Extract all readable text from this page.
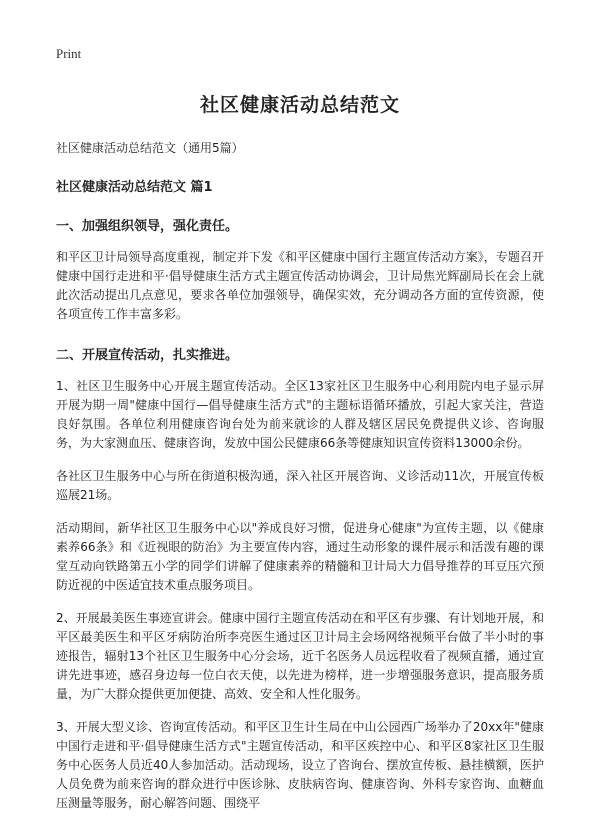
Print
社区健康活动总结范文
社区健康活动总结范文（通用5篇）
社区健康活动总结范文 篇1
一、加强组织领导，强化责任。

和平区卫计局领导高度重视，制定并下发《和平区健康中国行主题宣传活动方案》，专题召开健康中国行走进和平·倡导健康生活方式主题宣传活动协调会，卫计局焦光辉副局长在会上就此次活动提出几点意见，要求各单位加强领导，确保实效，充分调动各方面的宣传资源，使各项宣传工作丰富多彩。

二、开展宣传活动，扎实推进。

1、社区卫生服务中心开展主题宣传活动。全区13家社区卫生服务中心利用院内电子显示屏开展为期一周"健康中国行—倡导健康生活方式"的主题标语循环播放，引起大家关注，营造良好氛围。各单位利用健康咨询台处为前来就诊的人群及辖区居民免费提供义诊、咨询服务，为大家测血压、健康咨询，发放中国公民健康66条等健康知识宣传资料13000余份。

各社区卫生服务中心与所在街道积极沟通，深入社区开展咨询、义诊活动11次，开展宣传板巡展21场。

活动期间，新华社区卫生服务中心以"养成良好习惯，促进身心健康"为宣传主题，以《健康素养66条》和《近视眼的防治》为主要宣传内容，通过生动形象的课件展示和活泼有趣的课堂互动向铁路第五小学的同学们讲解了健康素养的精髓和卫计局大力倡导推荐的耳豆压穴预防近视的中医适宜技术重点服务项目。

2、开展最美医生事迹宣讲会。健康中国行主题宣传活动在和平区有步骤、有计划地开展，和平区最美医生和平区牙病防治所李亮医生通过区卫计局主会场网络视频平台做了半小时的事迹报告，辐射13个社区卫生服务中心分会场，近千名医务人员远程收看了视频直播，通过宣讲先进事迹，感召身边每一位白衣天使，以先进为榜样，进一步增强服务意识，提高服务质量，为广大群众提供更加便捷、高效、安全和人性化服务。

3、开展大型义诊、咨询宣传活动。和平区卫生计生局在中山公园西广场举办了20xx年"健康中国行走进和平·倡导健康生活方式"主题宣传活动，和平区疾控中心、和平区8家社区卫生服务中心医务人员近40人参加活动。活动现场，设立了咨询台、摆放宣传板、悬挂横额，医护人员免费为前来咨询的群众进行中医诊脉、皮肤病咨询、健康咨询、外科专家咨询、血糖血压测量等服务，耐心解答问题、围绕平
